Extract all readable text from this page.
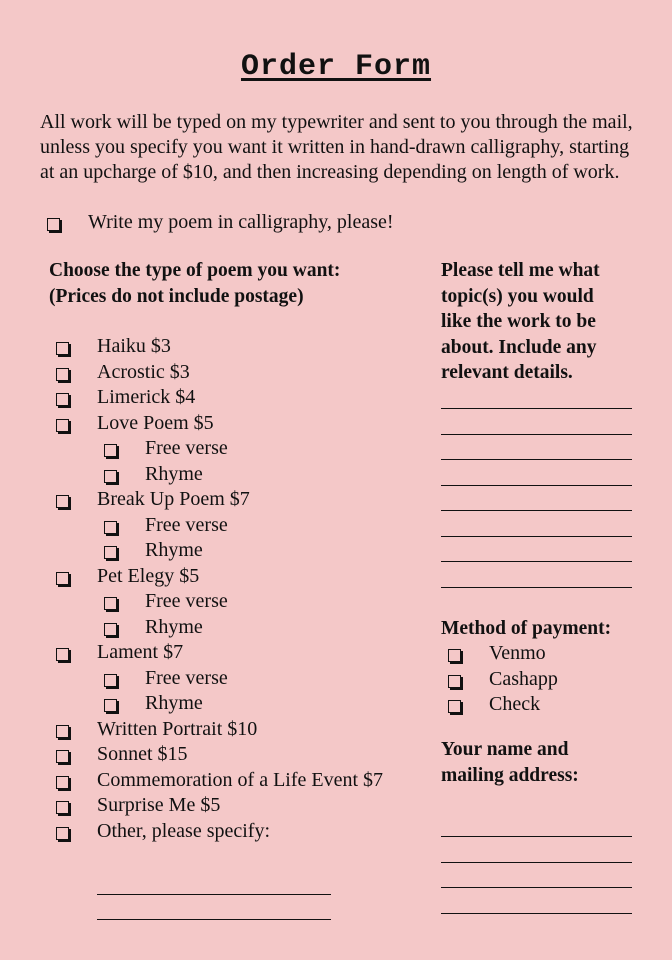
Order Form
All work will be typed on my typewriter and sent to you through the mail, unless you specify you want it written in hand-drawn calligraphy, starting at an upcharge of $10, and then increasing depending on length of work.
Write my poem in calligraphy, please!
Choose the type of poem you want:
(Prices do not include postage)
Haiku $3
Acrostic $3
Limerick $4
Love Poem $5
Free verse
Rhyme
Break Up Poem $7
Free verse
Rhyme
Pet Elegy $5
Free verse
Rhyme
Lament $7
Free verse
Rhyme
Written Portrait $10
Sonnet $15
Commemoration of a Life Event $7
Surprise Me $5
Other, please specify:
Please tell me what
topic(s) you would
like the work to be
about. Include any
relevant details.
Method of payment:
Venmo
Cashapp
Check
Your name and
mailing address:
